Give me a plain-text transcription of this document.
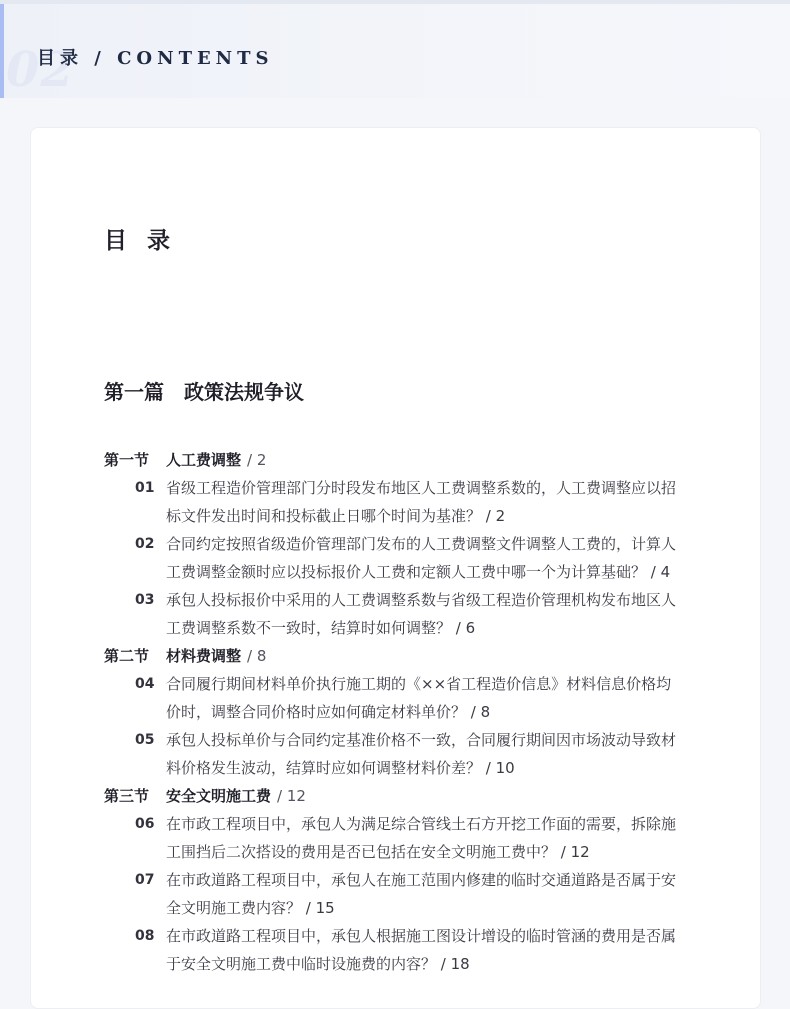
02
目录 / CONTENTS
目 录
第一篇 政策法规争议
第一节	人工费调整 / 2
01 省级工程造价管理部门分时段发布地区人工费调整系数的，人工费调整应以招标文件发出时间和投标截止日哪个时间为基准？ / 2
02 合同约定按照省级造价管理部门发布的人工费调整文件调整人工费的，计算人工费调整金额时应以投标报价人工费和定额人工费中哪一个为计算基础？ / 4
03 承包人投标报价中采用的人工费调整系数与省级工程造价管理机构发布地区人工费调整系数不一致时，结算时如何调整？ / 6
第二节	材料费调整 / 8
04 合同履行期间材料单价执行施工期的《××省工程造价信息》材料信息价格均价时，调整合同价格时应如何确定材料单价？ / 8
05 承包人投标单价与合同约定基准价格不一致，合同履行期间因市场波动导致材料价格发生波动，结算时应如何调整材料价差？ / 10
第三节	安全文明施工费 / 12
06 在市政工程项目中，承包人为满足综合管线土石方开挖工作面的需要，拆除施工围挡后二次搭设的费用是否已包括在安全文明施工费中？ / 12
07 在市政道路工程项目中，承包人在施工范围内修建的临时交通道路是否属于安全文明施工费内容？ / 15
08 在市政道路工程项目中，承包人根据施工图设计增设的临时管涵的费用是否属于安全文明施工费中临时设施费的内容？ / 18
